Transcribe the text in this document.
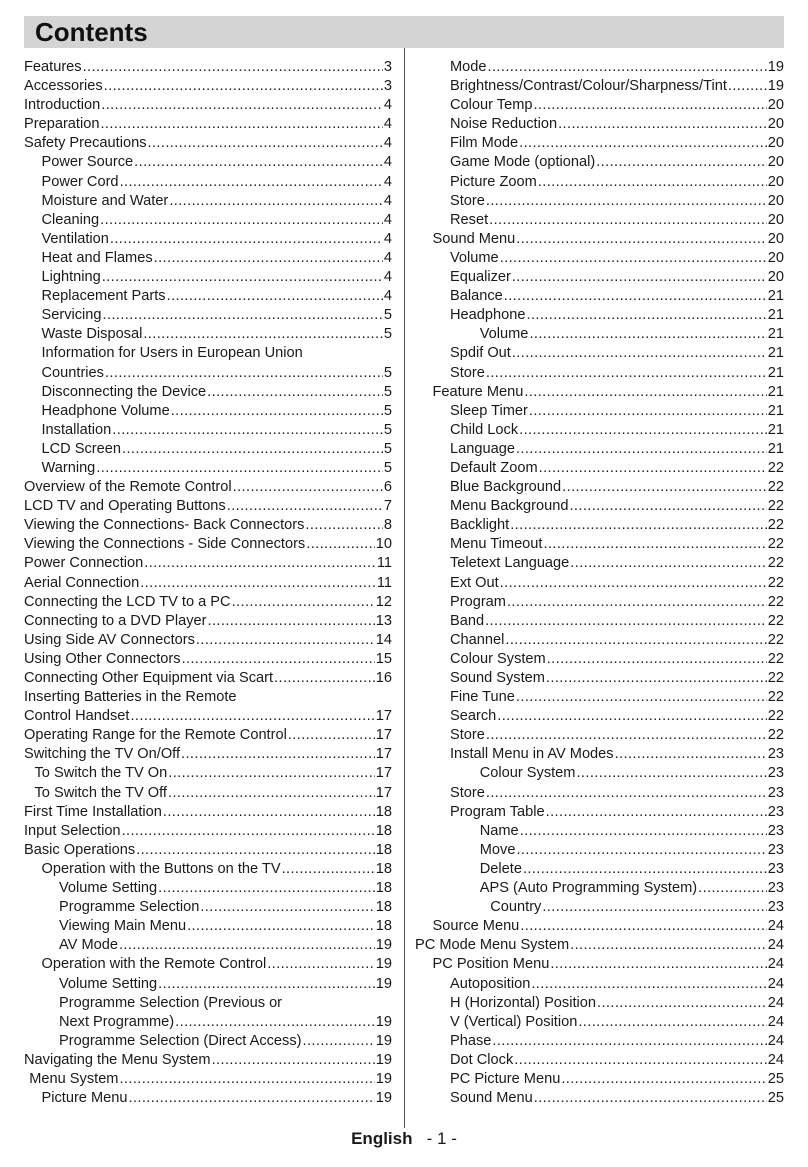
Contents
Features .....	3
Accessories .....	3
Introduction .....	4
Preparation .....	4
Safety Precautions .....	4
Power Source .....	4
Power Cord .....	4
Moisture and Water .....	4
Cleaning .....	4
Ventilation .....	4
Heat and Flames .....	4
Lightning .....	4
Replacement Parts .....	4
Servicing .....	5
Waste Disposal .....	5
Information for Users in European Union
Countries .....	5
Disconnecting the Device .....	5
Headphone Volume .....	5
Installation .....	5
LCD Screen .....	5
Warning .....	5
Overview of the Remote Control .....	6
LCD TV and Operating Buttons .....	7
Viewing the Connections- Back Connectors .....	8
Viewing the Connections - Side Connectors .....	10
Power Connection .....	11
Aerial Connection .....	11
Connecting the LCD TV to a PC .....	12
Connecting to a DVD Player .....	13
Using Side AV Connectors .....	14
Using Other Connectors .....	15
Connecting Other Equipment via Scart .....	16
Inserting Batteries in the Remote
Control Handset .....	17
Operating Range for the Remote Control .....	17
Switching the TV On/Off .....	17
To Switch the TV On .....	17
To Switch the TV Off .....	17
First Time Installation .....	18
Input Selection .....	18
Basic Operations .....	18
Operation with the Buttons on the TV .....	18
Volume Setting .....	18
Programme Selection .....	18
Viewing Main Menu .....	18
AV Mode .....	19
Operation with the Remote Control .....	19
Volume Setting .....	19
Programme Selection (Previous or
Next Programme) .....	19
Programme Selection (Direct Access) .....	19
Navigating the Menu System .....	19
Menu System .....	19
Picture Menu .....	19
Mode .....	19
Brightness/Contrast/Colour/Sharpness/Tint .....	19
Colour Temp .....	20
Noise Reduction .....	20
Film Mode .....	20
Game Mode (optional) .....	20
Picture Zoom .....	20
Store .....	20
Reset .....	20
Sound Menu .....	20
Volume .....	20
Equalizer .....	20
Balance .....	21
Headphone .....	21
Volume .....	21
Spdif Out .....	21
Store .....	21
Feature Menu .....	21
Sleep Timer .....	21
Child Lock .....	21
Language .....	21
Default Zoom .....	22
Blue Background .....	22
Menu Background .....	22
Backlight .....	22
Menu Timeout .....	22
Teletext Language .....	22
Ext Out .....	22
Program .....	22
Band .....	22
Channel .....	22
Colour System .....	22
Sound System .....	22
Fine Tune .....	22
Search .....	22
Store .....	22
Install Menu in AV Modes .....	23
Colour System .....	23
Store .....	23
Program Table .....	23
Name .....	23
Move .....	23
Delete .....	23
APS (Auto Programming System) .....	23
Country .....	23
Source Menu .....	24
PC Mode Menu System .....	24
PC Position Menu .....	24
Autoposition .....	24
H (Horizontal) Position .....	24
V (Vertical) Position .....	24
Phase .....	24
Dot Clock .....	24
PC Picture Menu .....	25
Sound Menu .....	25
English - 1 -
